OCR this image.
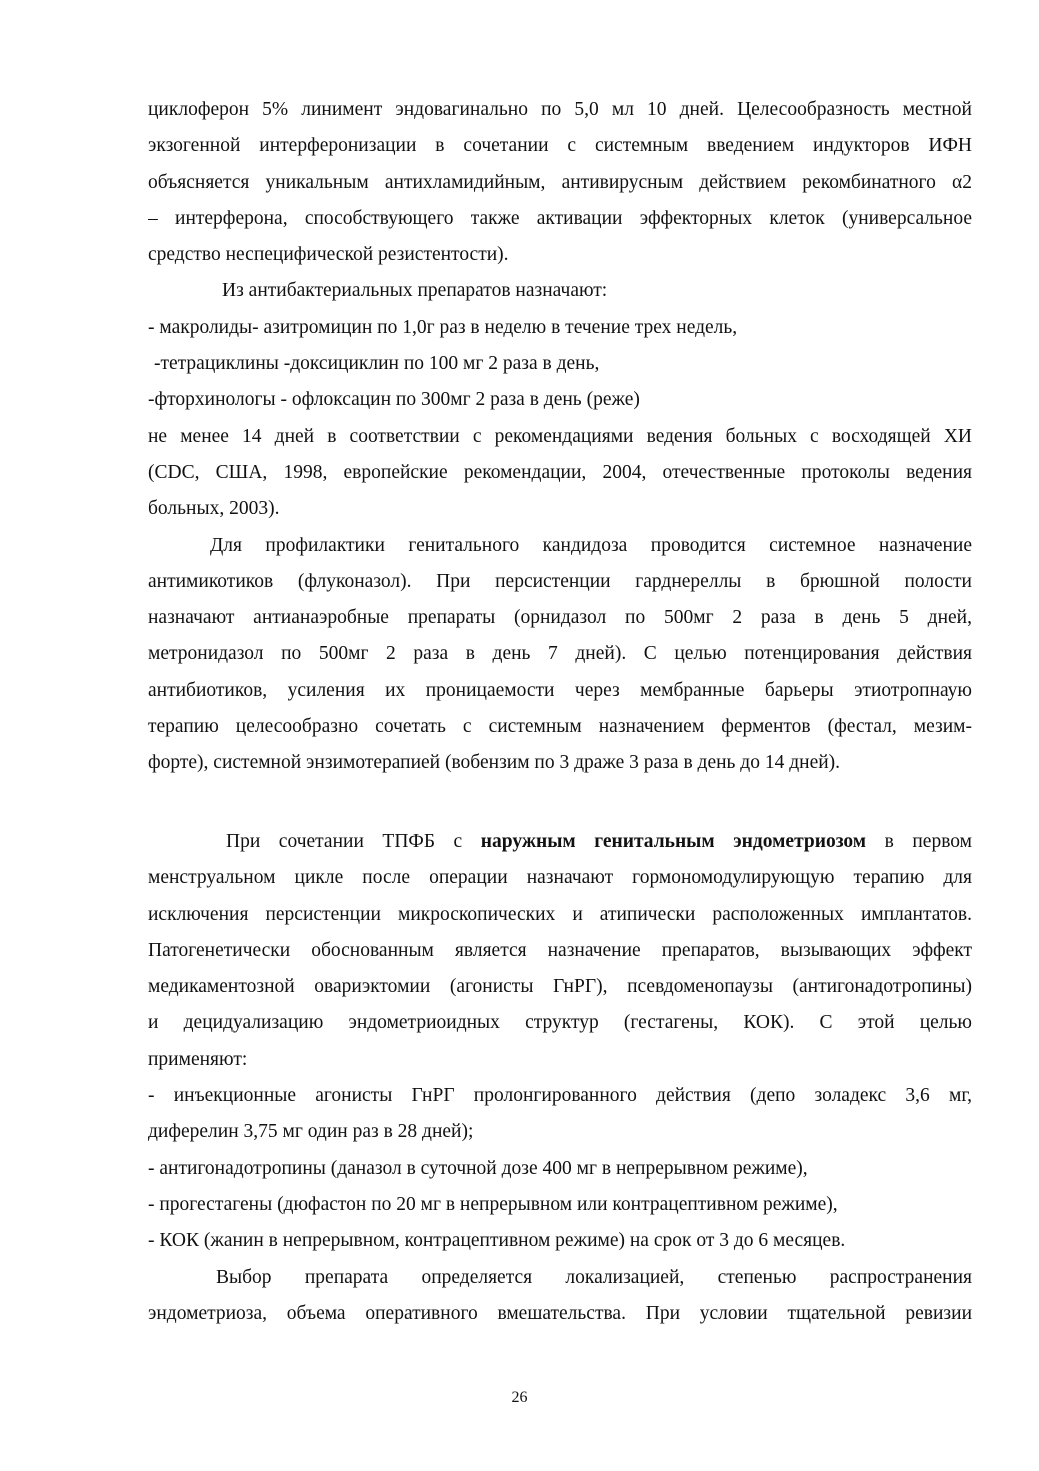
циклоферон 5% линимент эндовагинально по 5,0 мл 10 дней. Целесообразность местной
экзогенной интерферонизации в сочетании с системным введением индукторов ИФН
объясняется уникальным антихламидийным, антивирусным действием рекомбинатного α2
– интерферона, способствующего также активации эффекторных клеток (универсальное
средство неспецифической резистентости).
Из антибактериальных препаратов назначают:
- макролиды- азитромицин по 1,0г раз в неделю в течение трех недель,
-тетрациклины -доксициклин по 100 мг 2 раза в день,
-фторхинологы - офлоксацин по 300мг 2 раза в день (реже)
не менее 14 дней в соответствии с рекомендациями ведения больных с восходящей ХИ
(CDC, США, 1998, европейские рекомендации, 2004, отечественные протоколы ведения
больных, 2003).
Для профилактики генитального кандидоза проводится системное назначение
антимикотиков (флуконазол). При персистенции гарднереллы в брюшной полости
назначают антианаэробные препараты (орнидазол по 500мг 2 раза в день 5 дней,
метронидазол по 500мг 2 раза в день 7 дней). С целью потенцирования действия
антибиотиков, усиления их проницаемости через мембранные барьеры этиотропнаую
терапию целесообразно сочетать с системным назначением ферментов (фестал, мезим-
форте), системной энзимотерапией (вобензим по 3 драже 3 раза в день до 14 дней).
При сочетании ТПФБ с наружным генитальным эндометриозом в первом
менструальном цикле после операции назначают гормономодулирующую терапию для
исключения персистенции микроскопических и атипически расположенных имплантатов.
Патогенетически обоснованным является назначение препаратов, вызывающих эффект
медикаментозной овариэктомии (агонисты ГнРГ), псевдоменопаузы (антигонадотропины)
и децидуализацию эндометриоидных структур (гестагены, КОК). С этой целью
применяют:
- инъекционные агонисты ГнРГ пролонгированного действия (депо золадекс 3,6 мг,
диферелин 3,75 мг один раз в 28 дней);
- антигонадотропины (даназол в суточной дозе 400 мг в непрерывном режиме),
- прогестагены (дюфастон по 20 мг в непрерывном или контрацептивном режиме),
- КОК (жанин в непрерывном, контрацептивном режиме) на срок от 3 до 6 месяцев.
Выбор препарата определяется локализацией, степенью распространения
эндометриоза, объема оперативного вмешательства. При условии тщательной ревизии
26
